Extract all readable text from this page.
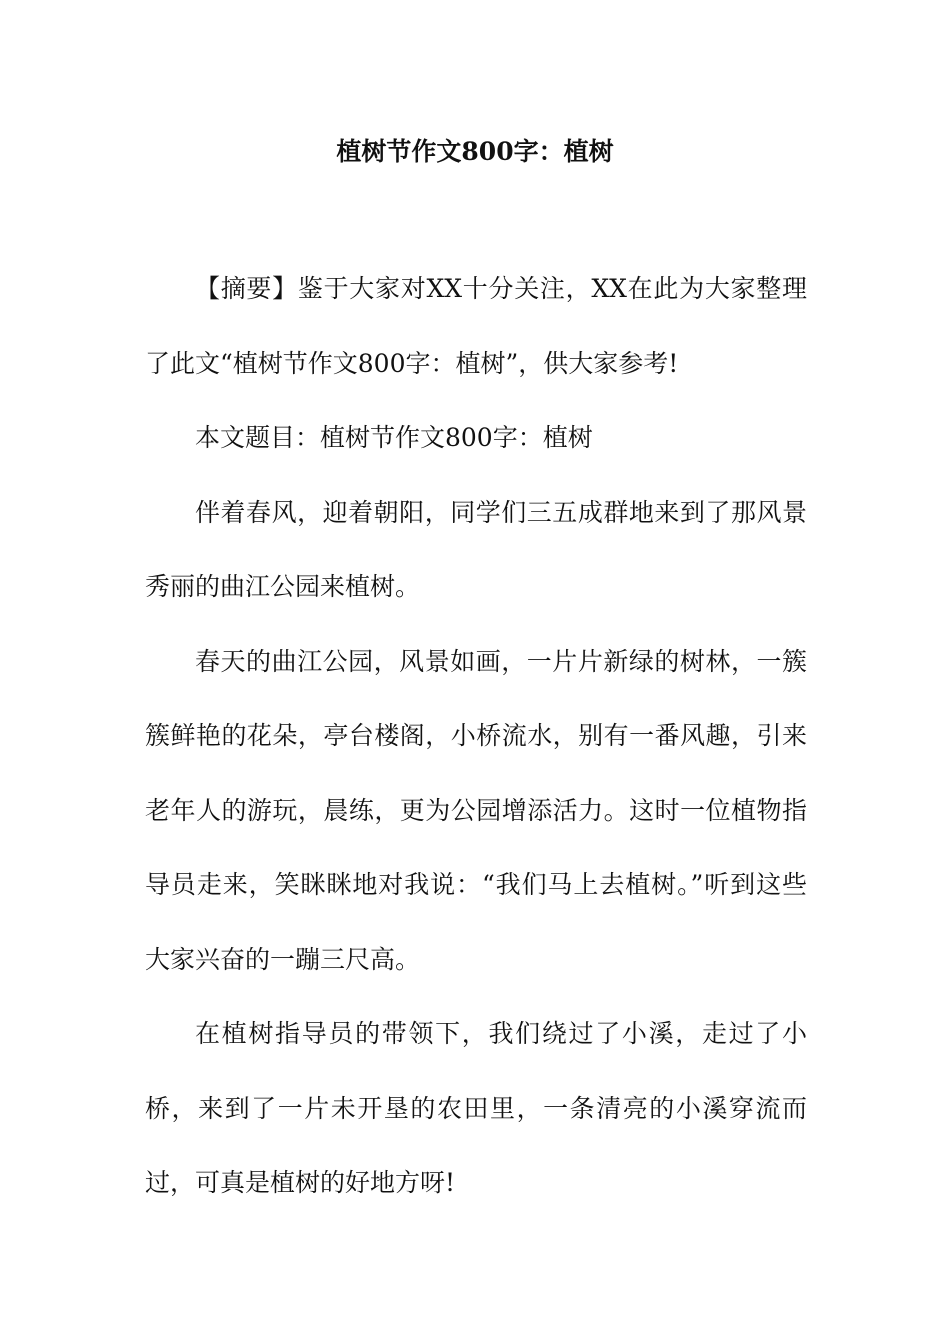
植树节作文800字：植树

【摘要】鉴于大家对XX十分关注，XX在此为大家整理了此文“植树节作文800字：植树”，供大家参考!

本文题目：植树节作文800字：植树

伴着春风，迎着朝阳，同学们三五成群地来到了那风景秀丽的曲江公园来植树。

春天的曲江公园，风景如画，一片片新绿的树林，一簇簇鲜艳的花朵，亭台楼阁，小桥流水，别有一番风趣，引来老年人的游玩，晨练，更为公园增添活力。这时一位植物指导员走来，笑眯眯地对我说：“我们马上去植树。”听到这些大家兴奋的一蹦三尺高。

在植树指导员的带领下，我们绕过了小溪，走过了小桥，来到了一片未开垦的农田里，一条清亮的小溪穿流而过，可真是植树的好地方呀!
